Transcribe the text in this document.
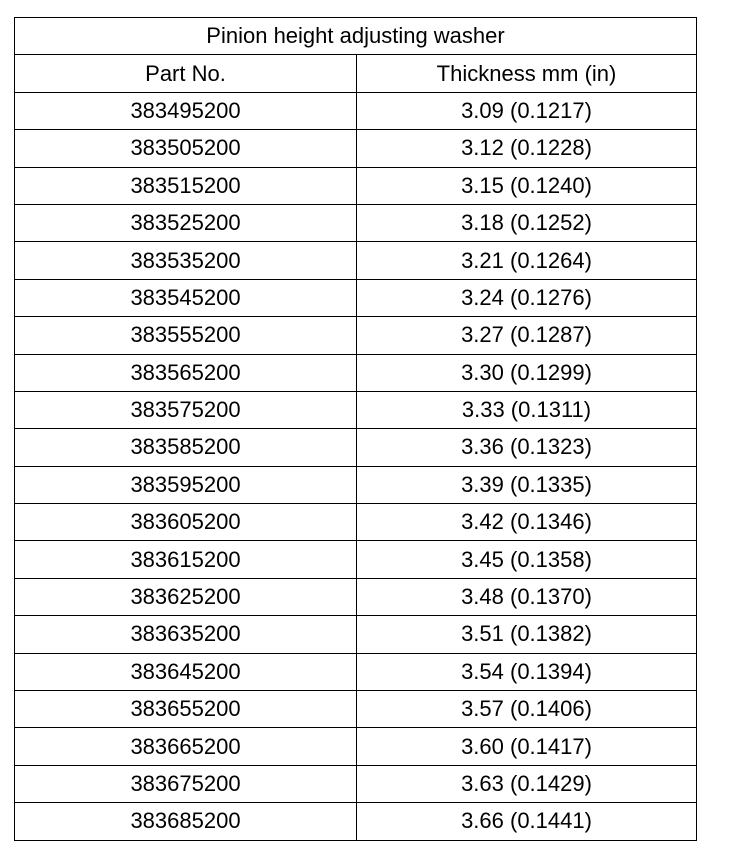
Pinion height adjusting washer	
Part No.	Thickness mm (in)
383495200	3.09 (0.1217)
383505200	3.12 (0.1228)
383515200	3.15 (0.1240)
383525200	3.18 (0.1252)
383535200	3.21 (0.1264)
383545200	3.24 (0.1276)
383555200	3.27 (0.1287)
383565200	3.30 (0.1299)
383575200	3.33 (0.1311)
383585200	3.36 (0.1323)
383595200	3.39 (0.1335)
383605200	3.42 (0.1346)
383615200	3.45 (0.1358)
383625200	3.48 (0.1370)
383635200	3.51 (0.1382)
383645200	3.54 (0.1394)
383655200	3.57 (0.1406)
383665200	3.60 (0.1417)
383675200	3.63 (0.1429)
383685200	3.66 (0.1441)
